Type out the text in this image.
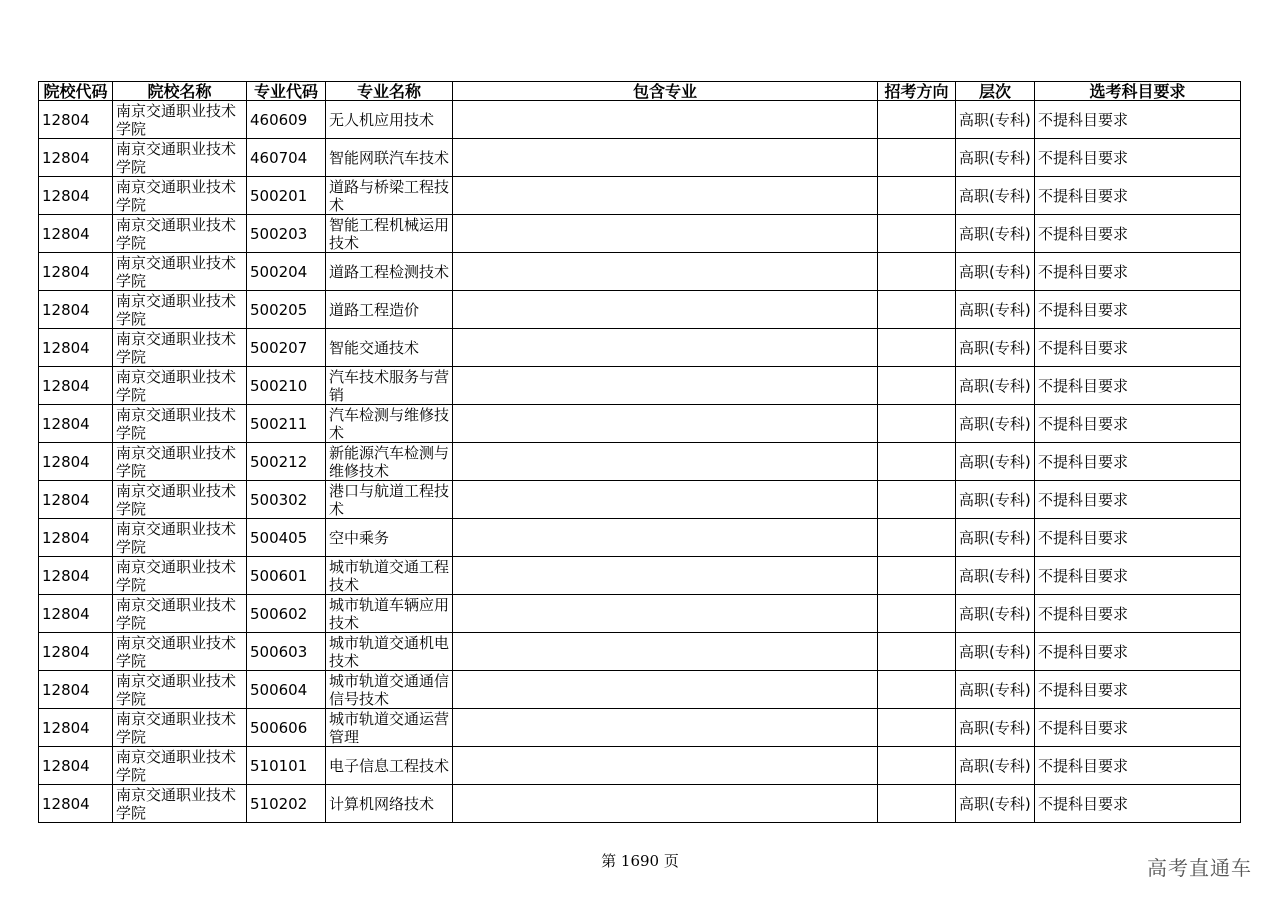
院校代码	院校名称	专业代码	专业名称	包含专业	招考方向	层次	选考科目要求
12804	南京交通职业技术学院	460609	无人机应用技术			高职(专科)	不提科目要求
12804	南京交通职业技术学院	460704	智能网联汽车技术			高职(专科)	不提科目要求
12804	南京交通职业技术学院	500201	道路与桥梁工程技术			高职(专科)	不提科目要求
12804	南京交通职业技术学院	500203	智能工程机械运用技术			高职(专科)	不提科目要求
12804	南京交通职业技术学院	500204	道路工程检测技术			高职(专科)	不提科目要求
12804	南京交通职业技术学院	500205	道路工程造价			高职(专科)	不提科目要求
12804	南京交通职业技术学院	500207	智能交通技术			高职(专科)	不提科目要求
12804	南京交通职业技术学院	500210	汽车技术服务与营销			高职(专科)	不提科目要求
12804	南京交通职业技术学院	500211	汽车检测与维修技术			高职(专科)	不提科目要求
12804	南京交通职业技术学院	500212	新能源汽车检测与维修技术			高职(专科)	不提科目要求
12804	南京交通职业技术学院	500302	港口与航道工程技术			高职(专科)	不提科目要求
12804	南京交通职业技术学院	500405	空中乘务			高职(专科)	不提科目要求
12804	南京交通职业技术学院	500601	城市轨道交通工程技术			高职(专科)	不提科目要求
12804	南京交通职业技术学院	500602	城市轨道车辆应用技术			高职(专科)	不提科目要求
12804	南京交通职业技术学院	500603	城市轨道交通机电技术			高职(专科)	不提科目要求
12804	南京交通职业技术学院	500604	城市轨道交通通信信号技术			高职(专科)	不提科目要求
12804	南京交通职业技术学院	500606	城市轨道交通运营管理			高职(专科)	不提科目要求
12804	南京交通职业技术学院	510101	电子信息工程技术			高职(专科)	不提科目要求
12804	南京交通职业技术学院	510202	计算机网络技术			高职(专科)	不提科目要求
第 1690 页	高考直通车
